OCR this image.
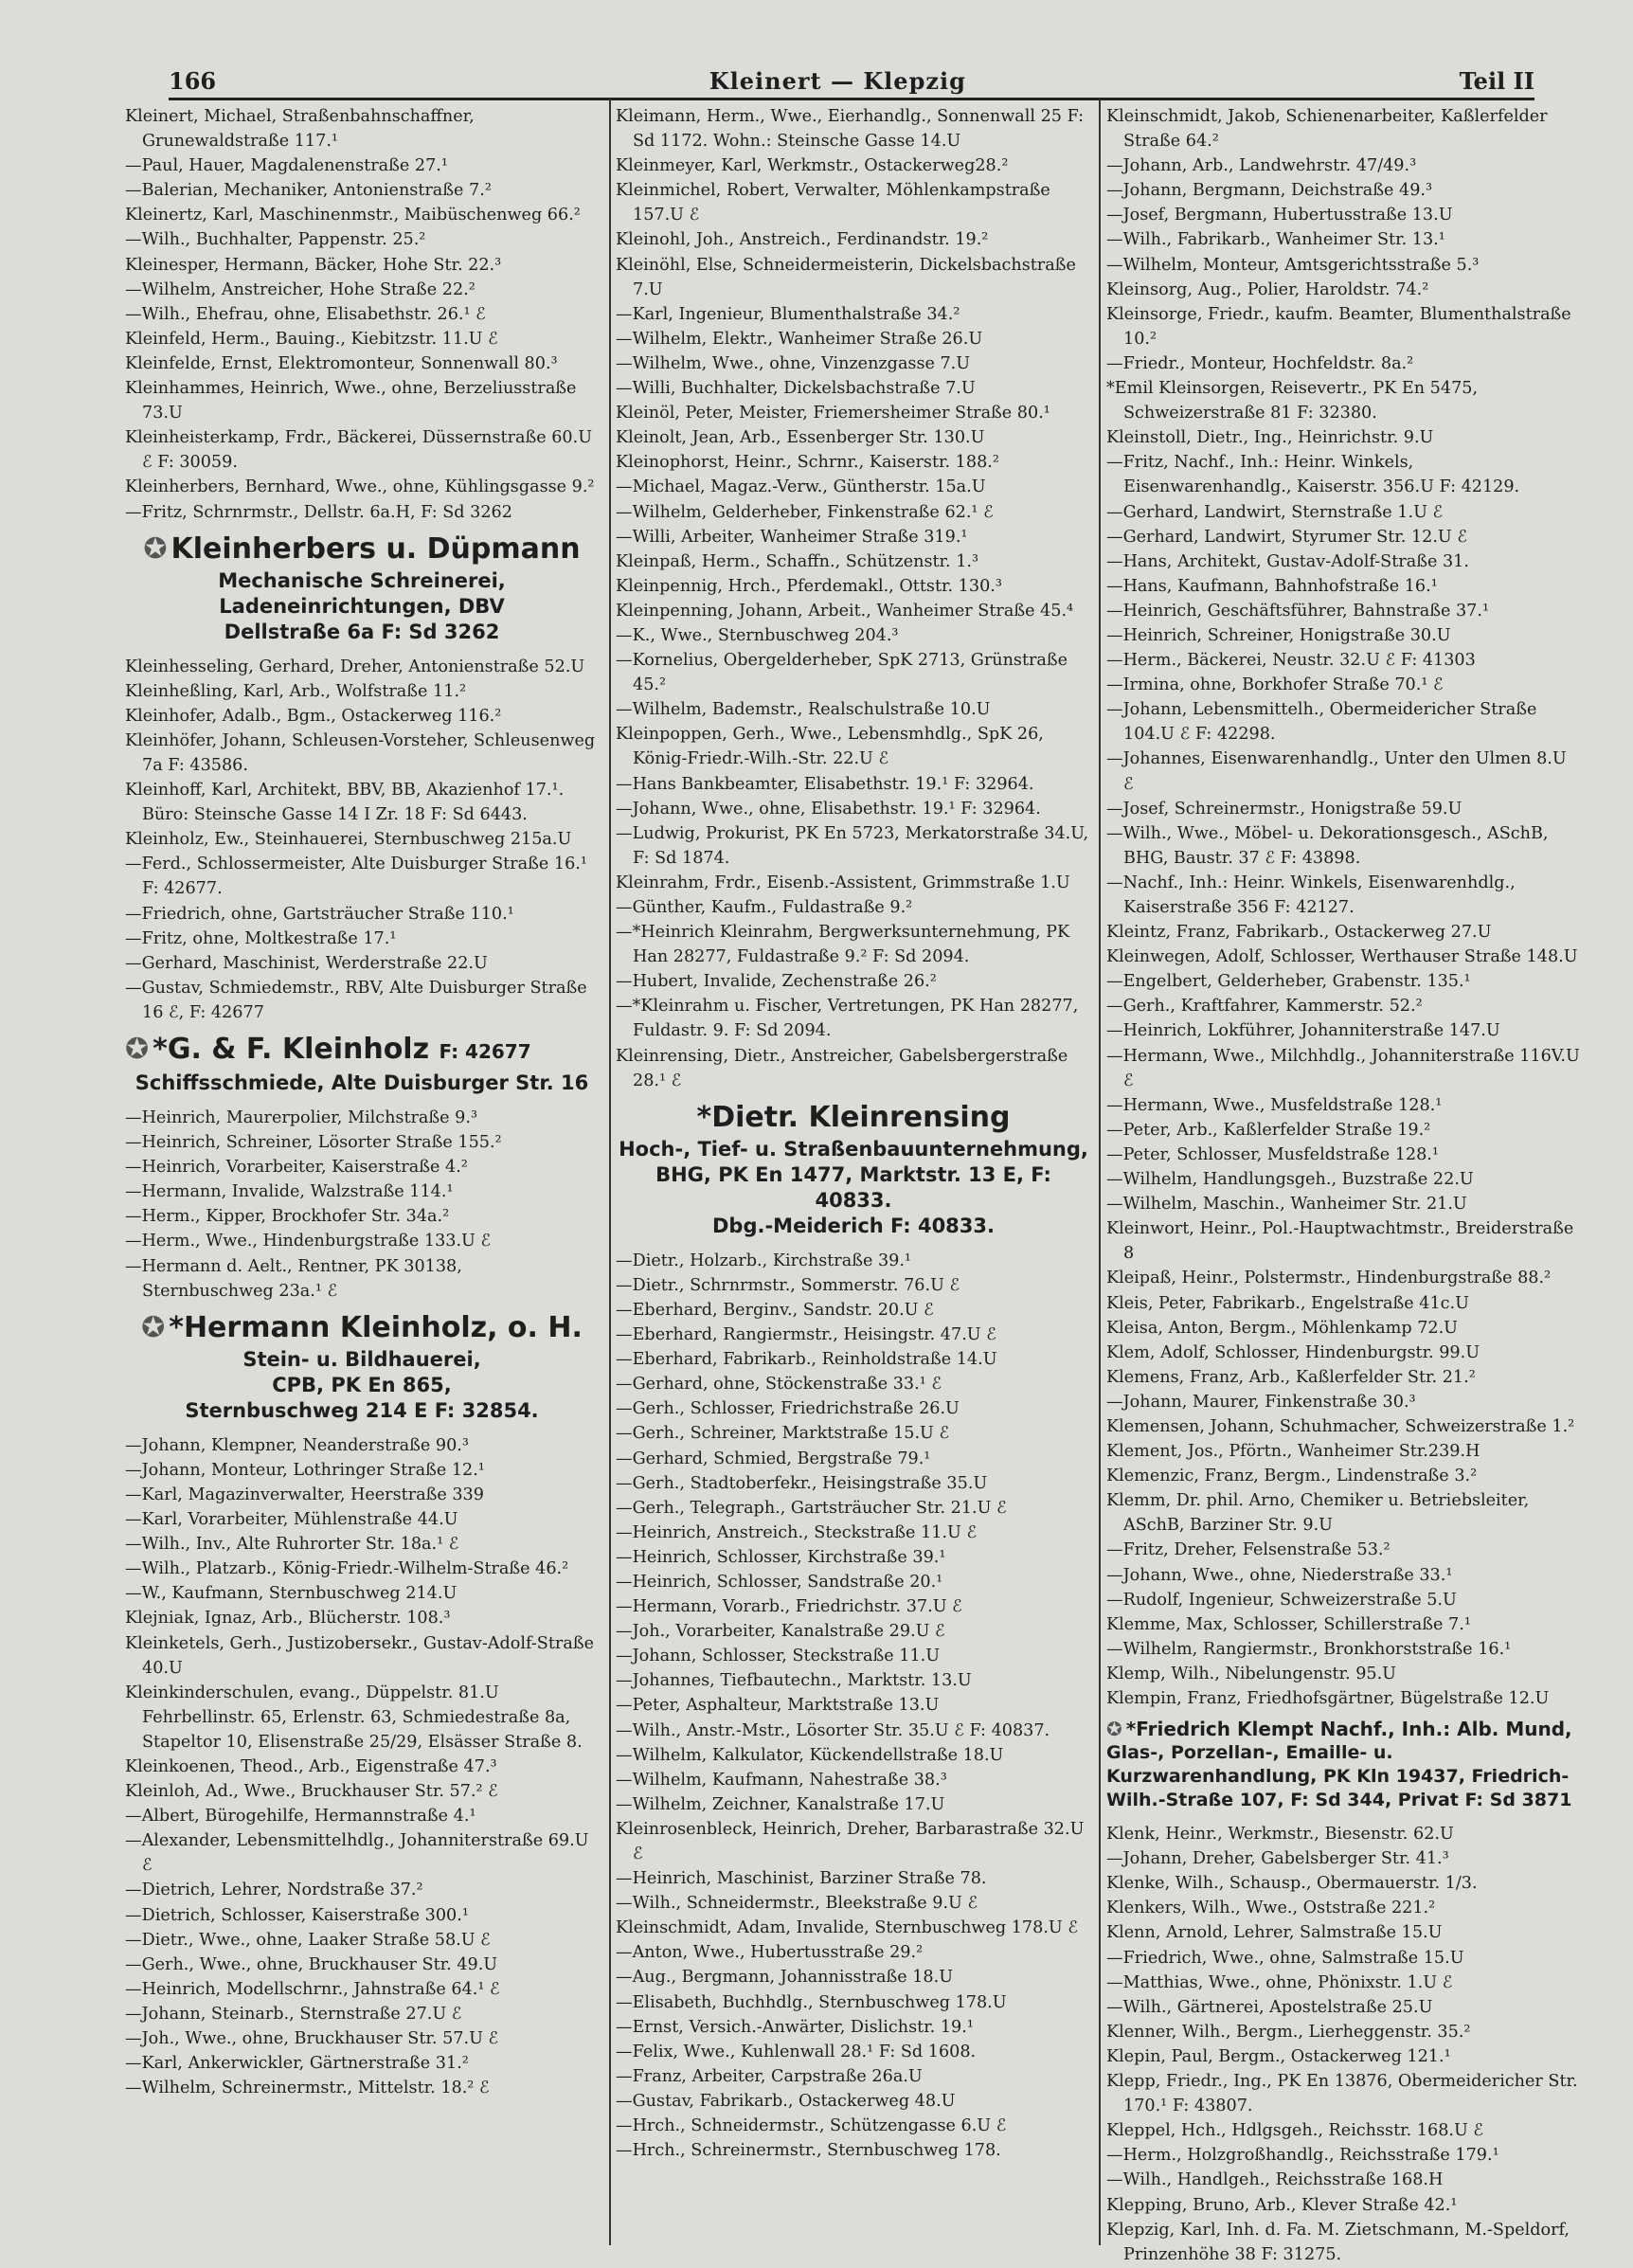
166	Kleinert — Klepzig	Teil II
Kleinert, Michael, Straßenbahnschaffner, Grunewaldstraße 117.¹
—Paul, Hauer, Magdalenenstraße 27.¹
—Balerian, Mechaniker, Antonienstraße 7.²
Kleinertz, Karl, Maschinenmstr., Maibüschenweg 66.²
—Wilh., Buchhalter, Pappenstr. 25.²
Kleinesper, Hermann, Bäcker, Hohe Str. 22.³
—Wilhelm, Anstreicher, Hohe Straße 22.²
—Wilh., Ehefrau, ohne, Elisabethstr. 26.¹ ℰ
Kleinfeld, Herm., Bauing., Kiebitzstr. 11.U ℰ
Kleinfelde, Ernst, Elektromonteur, Sonnenwall 80.³
Kleinhammes, Heinrich, Wwe., ohne, Berzeliusstraße 73.U
Kleinheisterkamp, Frdr., Bäckerei, Düssernstraße 60.U ℰ F: 30059.
Kleinherbers, Bernhard, Wwe., ohne, Kühlingsgasse 9.²
—Fritz, Schrnrmstr., Dellstr. 6a.H, F: Sd 3262
✪ Kleinherbers u. Düpmann
Mechanische Schreinerei,
Ladeneinrichtungen, DBV
Dellstraße 6a F: Sd 3262
Kleinhesseling, Gerhard, Dreher, Antonienstraße 52.U
Kleinheßling, Karl, Arb., Wolfstraße 11.²
Kleinhofer, Adalb., Bgm., Ostackerweg 116.²
Kleinhöfer, Johann, Schleusen-Vorsteher, Schleusenweg 7a F: 43586.
Kleinhoff, Karl, Architekt, BBV, BB, Akazienhof 17.¹. Büro: Steinsche Gasse 14 I Zr. 18 F: Sd 6443.
Kleinholz, Ew., Steinhauerei, Sternbuschweg 215a.U
—Ferd., Schlossermeister, Alte Duisburger Straße 16.¹ F: 42677.
—Friedrich, ohne, Gartsträucher Straße 110.¹
—Fritz, ohne, Moltkestraße 17.¹
—Gerhard, Maschinist, Werderstraße 22.U
—Gustav, Schmiedemstr., RBV, Alte Duisburger Straße 16 ℰ, F: 42677
✪ *G. & F. Kleinholz F: 42677
Schiffsschmiede, Alte Duisburger Str. 16
—Heinrich, Maurerpolier, Milchstraße 9.³
—Heinrich, Schreiner, Lösorter Straße 155.²
—Heinrich, Vorarbeiter, Kaiserstraße 4.²
—Hermann, Invalide, Walzstraße 114.¹
—Herm., Kipper, Brockhofer Str. 34a.²
—Herm., Wwe., Hindenburgstraße 133.U ℰ
—Hermann d. Aelt., Rentner, PK 30138, Sternbuschweg 23a.¹ ℰ
✪ *Hermann Kleinholz, o. H.
Stein- u. Bildhauerei,
CPB, PK En 865,
Sternbuschweg 214 E F: 32854.
—Johann, Klempner, Neanderstraße 90.³
—Johann, Monteur, Lothringer Straße 12.¹
—Karl, Magazinverwalter, Heerstraße 339
—Karl, Vorarbeiter, Mühlenstraße 44.U
—Wilh., Inv., Alte Ruhrorter Str. 18a.¹ ℰ
—Wilh., Platzarb., König-Friedr.-Wilhelm-Straße 46.²
—W., Kaufmann, Sternbuschweg 214.U
Klejniak, Ignaz, Arb., Blücherstr. 108.³
Kleinketels, Gerh., Justizobersekr., Gustav-Adolf-Straße 40.U
Kleinkinderschulen, evang., Düppelstr. 81.U Fehrbellinstr. 65, Erlenstr. 63, Schmiedestraße 8a, Stapeltor 10, Elisenstraße 25/29, Elsässer Straße 8.
Kleinkoenen, Theod., Arb., Eigenstraße 47.³
Kleinloh, Ad., Wwe., Bruckhauser Str. 57.² ℰ
—Albert, Bürogehilfe, Hermannstraße 4.¹
—Alexander, Lebensmittelhdlg., Johanniterstraße 69.U ℰ
—Dietrich, Lehrer, Nordstraße 37.²
—Dietrich, Schlosser, Kaiserstraße 300.¹
—Dietr., Wwe., ohne, Laaker Straße 58.U ℰ
—Gerh., Wwe., ohne, Bruckhauser Str. 49.U
—Heinrich, Modellschrnr., Jahnstraße 64.¹ ℰ
—Johann, Steinarb., Sternstraße 27.U ℰ
—Joh., Wwe., ohne, Bruckhauser Str. 57.U ℰ
—Karl, Ankerwickler, Gärtnerstraße 31.²
—Wilhelm, Schreinermstr., Mittelstr. 18.² ℰ
Kleimann, Herm., Wwe., Eierhandlg., Sonnenwall 25 F: Sd 1172. Wohn.: Steinsche Gasse 14.U
Kleinmeyer, Karl, Werkmstr., Ostackerweg28.²
Kleinmichel, Robert, Verwalter, Möhlenkampstraße 157.U ℰ
Kleinohl, Joh., Anstreich., Ferdinandstr. 19.²
Kleinöhl, Else, Schneidermeisterin, Dickelsbachstraße 7.U
—Karl, Ingenieur, Blumenthalstraße 34.²
—Wilhelm, Elektr., Wanheimer Straße 26.U
—Wilhelm, Wwe., ohne, Vinzenzgasse 7.U
—Willi, Buchhalter, Dickelsbachstraße 7.U
Kleinöl, Peter, Meister, Friemersheimer Straße 80.¹
Kleinolt, Jean, Arb., Essenberger Str. 130.U
Kleinophorst, Heinr., Schrnr., Kaiserstr. 188.²
—Michael, Magaz.-Verw., Güntherstr. 15a.U
—Wilhelm, Gelderheber, Finkenstraße 62.¹ ℰ
—Willi, Arbeiter, Wanheimer Straße 319.¹
Kleinpaß, Herm., Schaffn., Schützenstr. 1.³
Kleinpennig, Hrch., Pferdemakl., Ottstr. 130.³
Kleinpenning, Johann, Arbeit., Wanheimer Straße 45.⁴
—K., Wwe., Sternbuschweg 204.³
—Kornelius, Obergelderheber, SpK 2713, Grünstraße 45.²
—Wilhelm, Bademstr., Realschulstraße 10.U
Kleinpoppen, Gerh., Wwe., Lebensmhdlg., SpK 26, König-Friedr.-Wilh.-Str. 22.U ℰ
—Hans Bankbeamter, Elisabethstr. 19.¹ F: 32964.
—Johann, Wwe., ohne, Elisabethstr. 19.¹ F: 32964.
—Ludwig, Prokurist, PK En 5723, Merkatorstraße 34.U, F: Sd 1874.
Kleinrahm, Frdr., Eisenb.-Assistent, Grimmstraße 1.U
—Günther, Kaufm., Fuldastraße 9.²
—*Heinrich Kleinrahm, Bergwerksunternehmung, PK Han 28277, Fuldastraße 9.² F: Sd 2094.
—Hubert, Invalide, Zechenstraße 26.²
—*Kleinrahm u. Fischer, Vertretungen, PK Han 28277, Fuldastr. 9. F: Sd 2094.
Kleinrensing, Dietr., Anstreicher, Gabelsbergerstraße 28.¹ ℰ
*Dietr. Kleinrensing
Hoch-, Tief- u. Straßenbauunternehmung,
BHG, PK En 1477, Marktstr. 13 E, F: 40833.
Dbg.-Meiderich F: 40833.
—Dietr., Holzarb., Kirchstraße 39.¹
—Dietr., Schrnrmstr., Sommerstr. 76.U ℰ
—Eberhard, Berginv., Sandstr. 20.U ℰ
—Eberhard, Rangiermstr., Heisingstr. 47.U ℰ
—Eberhard, Fabrikarb., Reinholdstraße 14.U
—Gerhard, ohne, Stöckenstraße 33.¹ ℰ
—Gerh., Schlosser, Friedrichstraße 26.U
—Gerh., Schreiner, Marktstraße 15.U ℰ
—Gerhard, Schmied, Bergstraße 79.¹
—Gerh., Stadtoberfekr., Heisingstraße 35.U
—Gerh., Telegraph., Gartsträucher Str. 21.U ℰ
—Heinrich, Anstreich., Steckstraße 11.U ℰ
—Heinrich, Schlosser, Kirchstraße 39.¹
—Heinrich, Schlosser, Sandstraße 20.¹
—Hermann, Vorarb., Friedrichstr. 37.U ℰ
—Joh., Vorarbeiter, Kanalstraße 29.U ℰ
—Johann, Schlosser, Steckstraße 11.U
—Johannes, Tiefbautechn., Marktstr. 13.U
—Peter, Asphalteur, Marktstraße 13.U
—Wilh., Anstr.-Mstr., Lösorter Str. 35.U ℰ F: 40837.
—Wilhelm, Kalkulator, Kückendellstraße 18.U
—Wilhelm, Kaufmann, Nahestraße 38.³
—Wilhelm, Zeichner, Kanalstraße 17.U
Kleinrosenbleck, Heinrich, Dreher, Barbarastraße 32.U ℰ
—Heinrich, Maschinist, Barziner Straße 78.
—Wilh., Schneidermstr., Bleekstraße 9.U ℰ
Kleinschmidt, Adam, Invalide, Sternbuschweg 178.U ℰ
—Anton, Wwe., Hubertusstraße 29.²
—Aug., Bergmann, Johannisstraße 18.U
—Elisabeth, Buchhdlg., Sternbuschweg 178.U
—Ernst, Versich.-Anwärter, Dislichstr. 19.¹
—Felix, Wwe., Kuhlenwall 28.¹ F: Sd 1608.
—Franz, Arbeiter, Carpstraße 26a.U
—Gustav, Fabrikarb., Ostackerweg 48.U
—Hrch., Schneidermstr., Schützengasse 6.U ℰ
—Hrch., Schreinermstr., Sternbuschweg 178.
Kleinschmidt, Jakob, Schienenarbeiter, Kaßlerfelder Straße 64.²
—Johann, Arb., Landwehrstr. 47/49.³
—Johann, Bergmann, Deichstraße 49.³
—Josef, Bergmann, Hubertusstraße 13.U
—Wilh., Fabrikarb., Wanheimer Str. 13.¹
—Wilhelm, Monteur, Amtsgerichtsstraße 5.³
Kleinsorg, Aug., Polier, Haroldstr. 74.²
Kleinsorge, Friedr., kaufm. Beamter, Blumenthalstraße 10.²
—Friedr., Monteur, Hochfeldstr. 8a.²
*Emil Kleinsorgen, Reisevertr., PK En 5475, Schweizerstraße 81 F: 32380.
Kleinstoll, Dietr., Ing., Heinrichstr. 9.U
—Fritz, Nachf., Inh.: Heinr. Winkels, Eisenwarenhandlg., Kaiserstr. 356.U F: 42129.
—Gerhard, Landwirt, Sternstraße 1.U ℰ
—Gerhard, Landwirt, Styrumer Str. 12.U ℰ
—Hans, Architekt, Gustav-Adolf-Straße 31.
—Hans, Kaufmann, Bahnhofstraße 16.¹
—Heinrich, Geschäftsführer, Bahnstraße 37.¹
—Heinrich, Schreiner, Honigstraße 30.U
—Herm., Bäckerei, Neustr. 32.U ℰ F: 41303
—Irmina, ohne, Borkhofer Straße 70.¹ ℰ
—Johann, Lebensmittelh., Obermeidericher Straße 104.U ℰ F: 42298.
—Johannes, Eisenwarenhandlg., Unter den Ulmen 8.U ℰ
—Josef, Schreinermstr., Honigstraße 59.U
—Wilh., Wwe., Möbel- u. Dekorationsgesch., ASchB, BHG, Baustr. 37 ℰ F: 43898.
—Nachf., Inh.: Heinr. Winkels, Eisenwarenhdlg., Kaiserstraße 356 F: 42127.
Kleintz, Franz, Fabrikarb., Ostackerweg 27.U
Kleinwegen, Adolf, Schlosser, Werthauser Straße 148.U
—Engelbert, Gelderheber, Grabenstr. 135.¹
—Gerh., Kraftfahrer, Kammerstr. 52.²
—Heinrich, Lokführer, Johanniterstraße 147.U
—Hermann, Wwe., Milchhdlg., Johanniterstraße 116V.U ℰ
—Hermann, Wwe., Musfeldstraße 128.¹
—Peter, Arb., Kaßlerfelder Straße 19.²
—Peter, Schlosser, Musfeldstraße 128.¹
—Wilhelm, Handlungsgeh., Buzstraße 22.U
—Wilhelm, Maschin., Wanheimer Str. 21.U
Kleinwort, Heinr., Pol.-Hauptwachtmstr., Breiderstraße 8
Kleipaß, Heinr., Polstermstr., Hindenburgstraße 88.²
Kleis, Peter, Fabrikarb., Engelstraße 41c.U
Kleisa, Anton, Bergm., Möhlenkamp 72.U
Klem, Adolf, Schlosser, Hindenburgstr. 99.U
Klemens, Franz, Arb., Kaßlerfelder Str. 21.²
—Johann, Maurer, Finkenstraße 30.³
Klemensen, Johann, Schuhmacher, Schweizerstraße 1.²
Klement, Jos., Pförtn., Wanheimer Str.239.H
Klemenzic, Franz, Bergm., Lindenstraße 3.²
Klemm, Dr. phil. Arno, Chemiker u. Betriebsleiter, ASchB, Barziner Str. 9.U
—Fritz, Dreher, Felsenstraße 53.²
—Johann, Wwe., ohne, Niederstraße 33.¹
—Rudolf, Ingenieur, Schweizerstraße 5.U
Klemme, Max, Schlosser, Schillerstraße 7.¹
—Wilhelm, Rangiermstr., Bronkhorststraße 16.¹
Klemp, Wilh., Nibelungenstr. 95.U
Klempin, Franz, Friedhofsgärtner, Bügelstraße 12.U
✪ *Friedrich Klempt Nachf., Inh.: Alb. Mund,
Glas-, Porzellan-, Emaille- u. Kurzwarenhandlung, PK Kln 19437, Friedrich-Wilh.-Straße 107, F: Sd 344, Privat F: Sd 3871
Klenk, Heinr., Werkmstr., Biesenstr. 62.U
—Johann, Dreher, Gabelsberger Str. 41.³
Klenke, Wilh., Schausp., Obermauerstr. 1/3.
Klenkers, Wilh., Wwe., Oststraße 221.²
Klenn, Arnold, Lehrer, Salmstraße 15.U
—Friedrich, Wwe., ohne, Salmstraße 15.U
—Matthias, Wwe., ohne, Phönixstr. 1.U ℰ
—Wilh., Gärtnerei, Apostelstraße 25.U
Klenner, Wilh., Bergm., Lierheggenstr. 35.²
Klepin, Paul, Bergm., Ostackerweg 121.¹
Klepp, Friedr., Ing., PK En 13876, Obermeidericher Str. 170.¹ F: 43807.
Kleppel, Hch., Hdlgsgeh., Reichsstr. 168.U ℰ
—Herm., Holzgroßhandlg., Reichsstraße 179.¹
—Wilh., Handlgeh., Reichsstraße 168.H
Klepping, Bruno, Arb., Klever Straße 42.¹
Klepzig, Karl, Inh. d. Fa. M. Zietschmann, M.-Speldorf, Prinzenhöhe 38 F: 31275.
